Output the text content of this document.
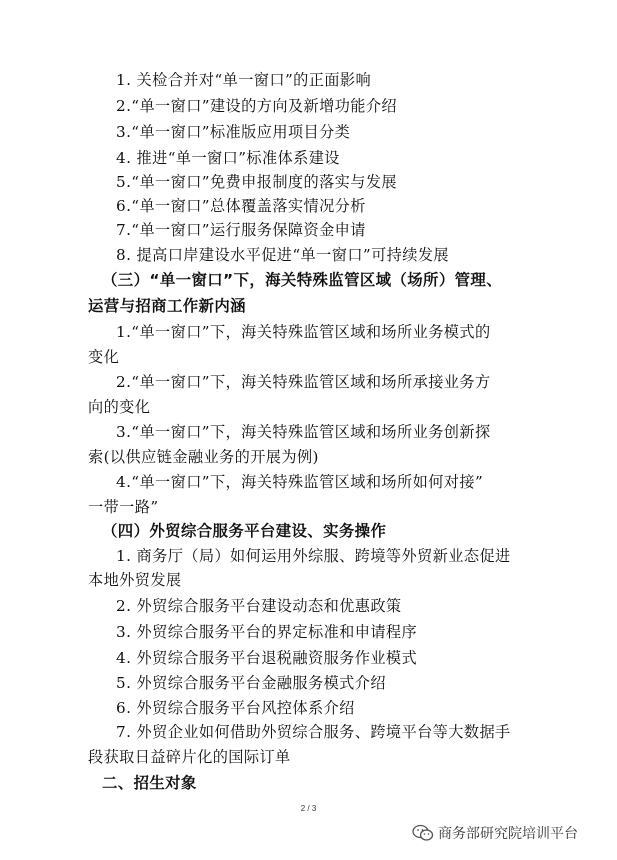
1. 关检合并对“单一窗口”的正面影响
2.“单一窗口”建设的方向及新增功能介绍
3.“单一窗口”标准版应用项目分类
4. 推进“单一窗口”标准体系建设
5.“单一窗口”免费申报制度的落实与发展
6.“单一窗口”总体覆盖落实情况分析
7.“单一窗口”运行服务保障资金申请
8. 提高口岸建设水平促进“单一窗口”可持续发展
（三）“单一窗口”下，海关特殊监管区域（场所）管理、
运营与招商工作新内涵
1.“单一窗口”下，海关特殊监管区域和场所业务模式的
变化
2.“单一窗口”下，海关特殊监管区域和场所承接业务方
向的变化
3.“单一窗口”下，海关特殊监管区域和场所业务创新探
索(以供应链金融业务的开展为例)
4.“单一窗口”下，海关特殊监管区域和场所如何对接”
一带一路”
（四）外贸综合服务平台建设、实务操作
1. 商务厅（局）如何运用外综服、跨境等外贸新业态促进
本地外贸发展
2. 外贸综合服务平台建设动态和优惠政策
3. 外贸综合服务平台的界定标准和申请程序
4. 外贸综合服务平台退税融资服务作业模式
5. 外贸综合服务平台金融服务模式介绍
6. 外贸综合服务平台风控体系介绍
7. 外贸企业如何借助外贸综合服务、跨境平台等大数据手
段获取日益碎片化的国际订单
二、招生对象
2 / 3
商务部研究院培训平台
